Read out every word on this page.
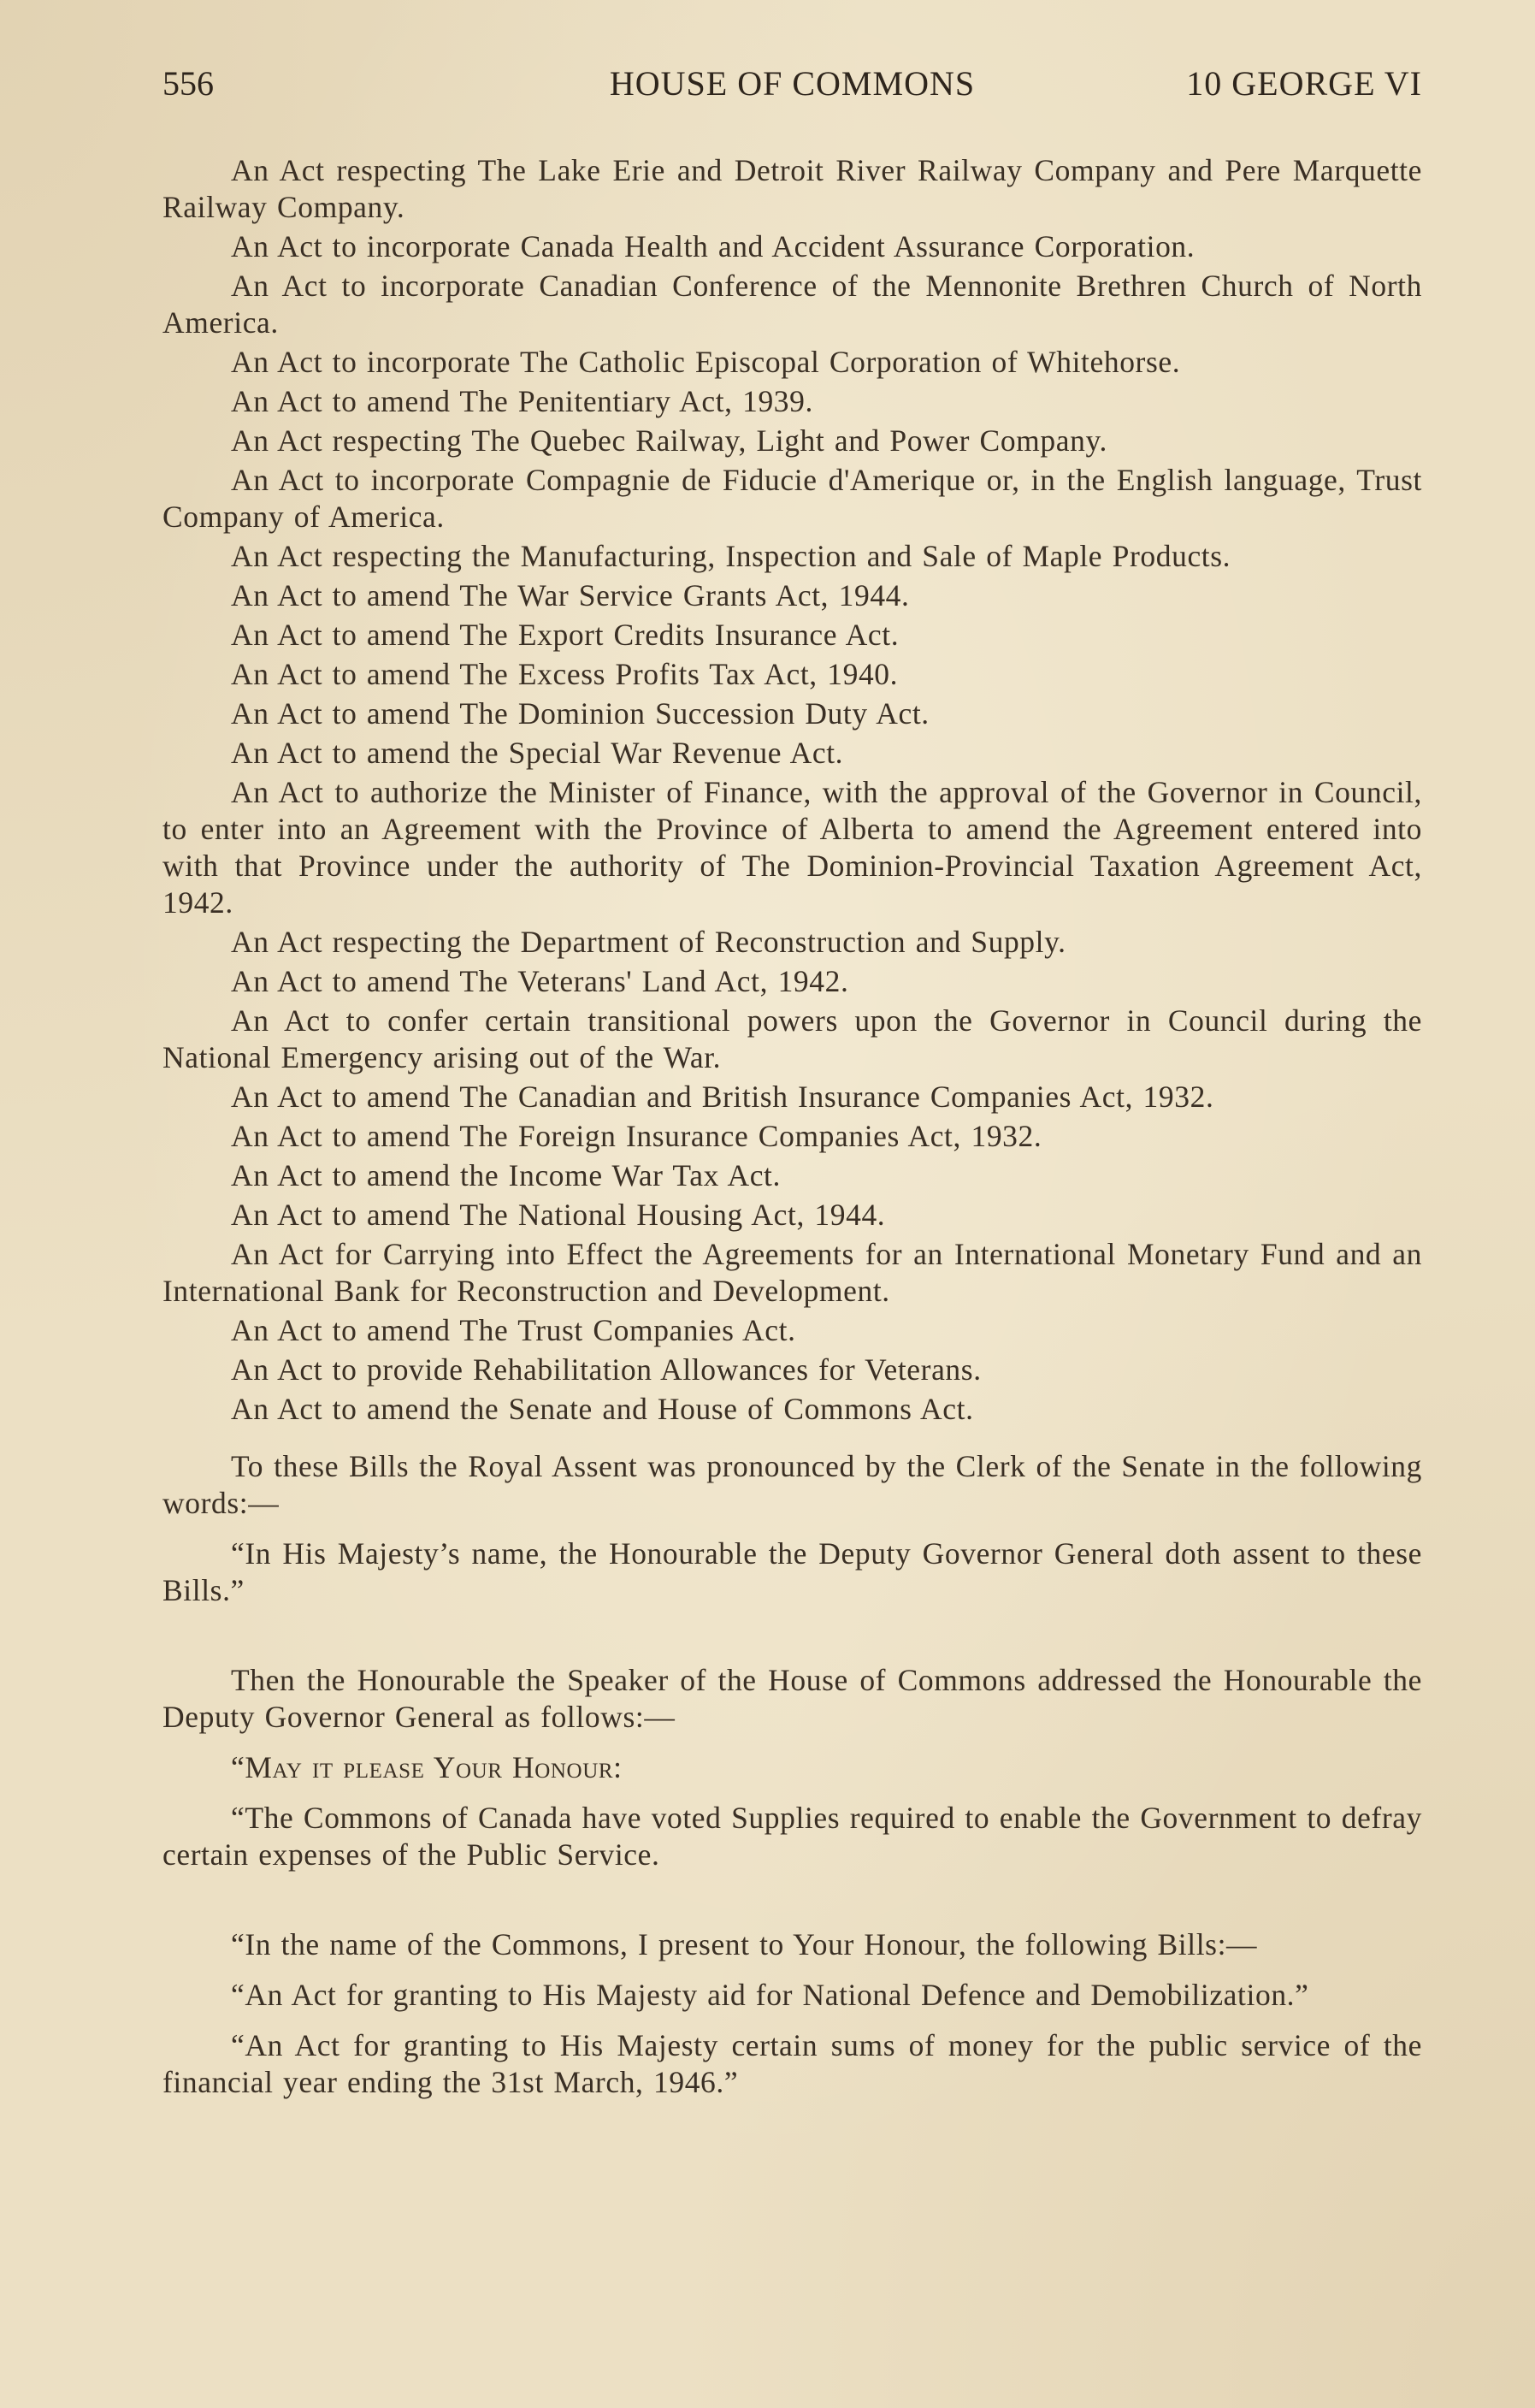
556	HOUSE OF COMMONS	10 GEORGE VI

An Act respecting The Lake Erie and Detroit River Railway Company and Pere Marquette Railway Company.

An Act to incorporate Canada Health and Accident Assurance Corporation.

An Act to incorporate Canadian Conference of the Mennonite Brethren Church of North America.

An Act to incorporate The Catholic Episcopal Corporation of Whitehorse.

An Act to amend The Penitentiary Act, 1939.

An Act respecting The Quebec Railway, Light and Power Company.

An Act to incorporate Compagnie de Fiducie d'Amerique or, in the English language, Trust Company of America.

An Act respecting the Manufacturing, Inspection and Sale of Maple Products.

An Act to amend The War Service Grants Act, 1944.

An Act to amend The Export Credits Insurance Act.

An Act to amend The Excess Profits Tax Act, 1940.

An Act to amend The Dominion Succession Duty Act.

An Act to amend the Special War Revenue Act.

An Act to authorize the Minister of Finance, with the approval of the Governor in Council, to enter into an Agreement with the Province of Alberta to amend the Agreement entered into with that Province under the authority of The Dominion-Provincial Taxation Agreement Act, 1942.

An Act respecting the Department of Reconstruction and Supply.

An Act to amend The Veterans' Land Act, 1942.

An Act to confer certain transitional powers upon the Governor in Council during the National Emergency arising out of the War.

An Act to amend The Canadian and British Insurance Companies Act, 1932.

An Act to amend The Foreign Insurance Companies Act, 1932.

An Act to amend the Income War Tax Act.

An Act to amend The National Housing Act, 1944.

An Act for Carrying into Effect the Agreements for an International Monetary Fund and an International Bank for Reconstruction and Development.

An Act to amend The Trust Companies Act.

An Act to provide Rehabilitation Allowances for Veterans.

An Act to amend the Senate and House of Commons Act.

To these Bills the Royal Assent was pronounced by the Clerk of the Senate in the following words:—

“In His Majesty’s name, the Honourable the Deputy Governor General doth assent to these Bills.”

Then the Honourable the Speaker of the House of Commons addressed the Honourable the Deputy Governor General as follows:—

“May it please Your Honour:

“The Commons of Canada have voted Supplies required to enable the Government to defray certain expenses of the Public Service.

“In the name of the Commons, I present to Your Honour, the following Bills:—

“An Act for granting to His Majesty aid for National Defence and Demobilization.”

“An Act for granting to His Majesty certain sums of money for the public service of the financial year ending the 31st March, 1946.”
